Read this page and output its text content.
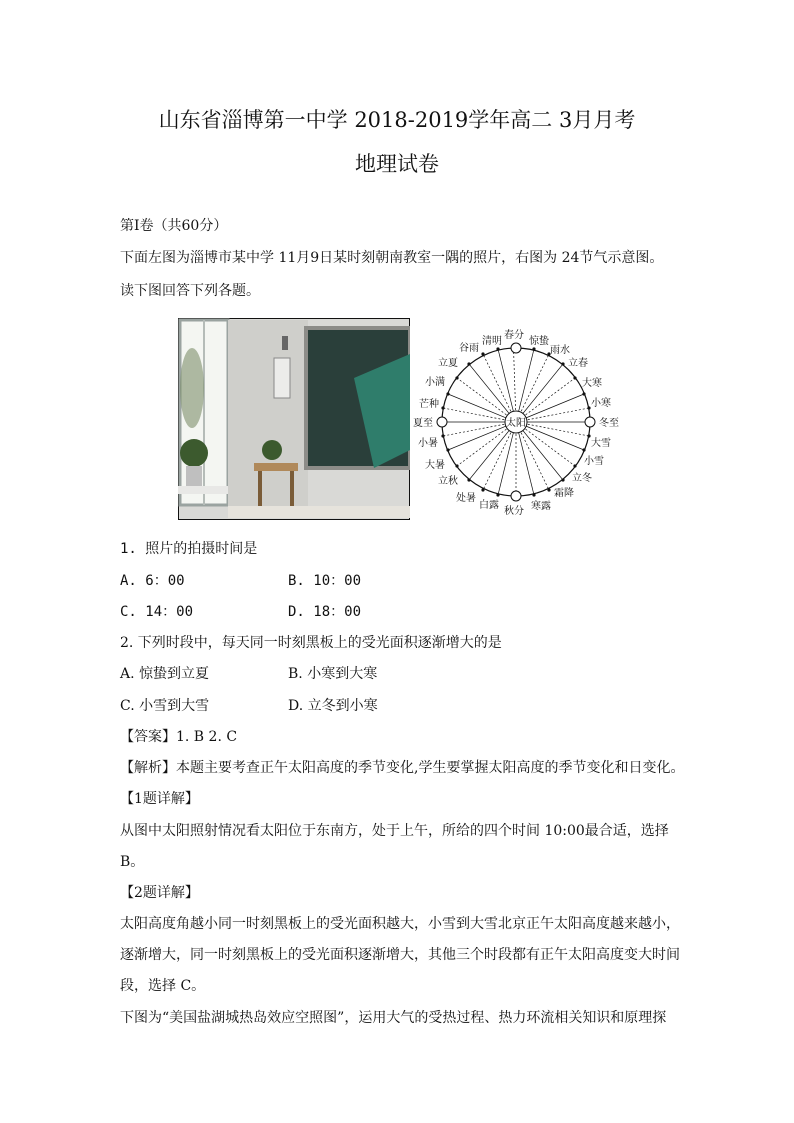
山东省淄博第一中学 2018-2019学年高二 3月月考
地理试卷
第Ⅰ卷（共60分）
下面左图为淄博市某中学 11月9日某时刻朝南教室一隅的照片，右图为 24节气示意图。
读下图回答下列各题。
太阳
春分
惊蛰
雨水
立春
大寒
小寒
冬至
大雪
小雪
立冬
霜降
寒露
秋分
白露
处暑
立秋
大暑
小暑
夏至
芒种
小满
立夏
谷雨
清明
1. 照片的拍摄时间是
A. 6：00	B. 10：00
C. 14：00	D. 18：00
2. 下列时段中，每天同一时刻黑板上的受光面积逐渐增大的是
A. 惊蛰到立夏	B. 小寒到大寒
C. 小雪到大雪	D. 立冬到小寒
【答案】1. B 2. C
【解析】本题主要考查正午太阳高度的季节变化,学生要掌握太阳高度的季节变化和日变化。
【1题详解】
从图中太阳照射情况看太阳位于东南方，处于上午，所给的四个时间 10:00最合适，选择
B。
【2题详解】
太阳高度角越小同一时刻黑板上的受光面积越大，小雪到大雪北京正午太阳高度越来越小，
逐渐增大，同一时刻黑板上的受光面积逐渐增大，其他三个时段都有正午太阳高度变大时间
段，选择 C。
下图为“美国盐湖城热岛效应空照图”，运用大气的受热过程、热力环流相关知识和原理探
